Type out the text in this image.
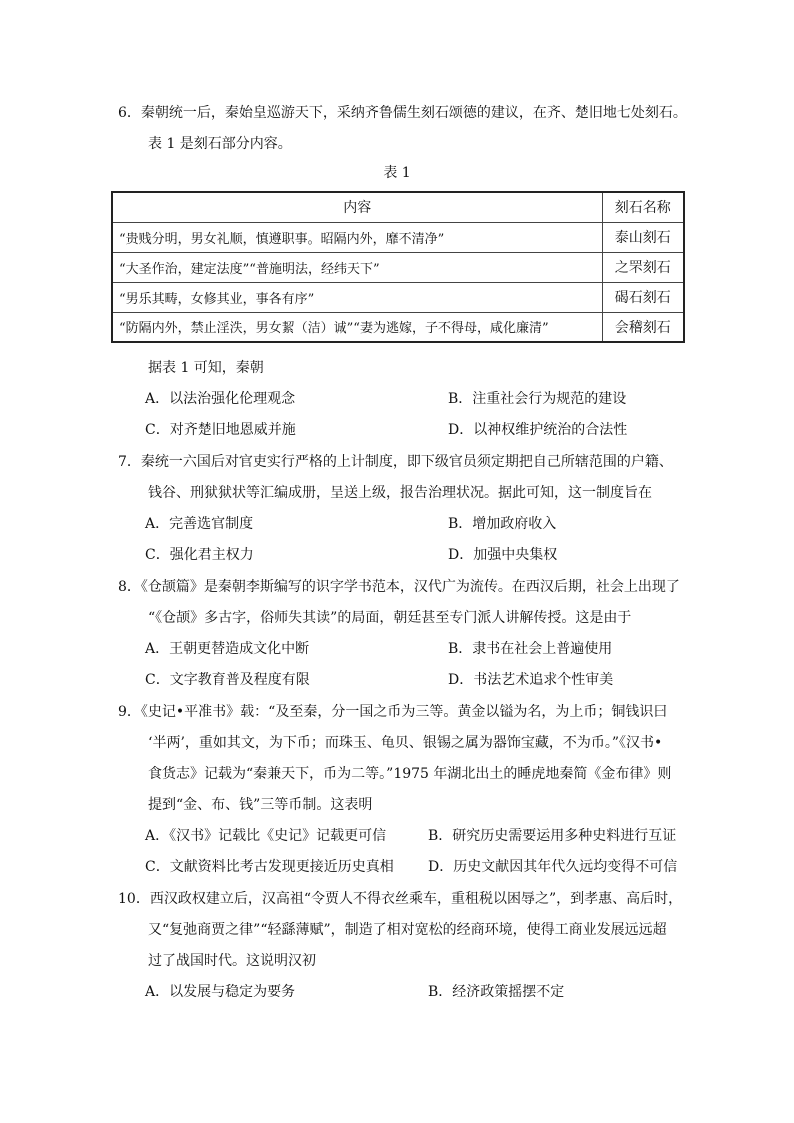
6．秦朝统一后，秦始皇巡游天下，采纳齐鲁儒生刻石颂德的建议，在齐、楚旧地七处刻石。
表 1 是刻石部分内容。
表 1
内容	刻石名称
“贵贱分明，男女礼顺，慎遵职事。昭隔内外，靡不清净”	泰山刻石
“大圣作治，建定法度”“普施明法，经纬天下”	之罘刻石
“男乐其畴，女修其业，事各有序”	碣石刻石
“防隔内外，禁止淫泆，男女絜（洁）诚”“妻为逃嫁，子不得母，咸化廉清”	会稽刻石
据表 1 可知，秦朝
A．以法治强化伦理观念	B．注重社会行为规范的建设
C．对齐楚旧地恩威并施	D．以神权维护统治的合法性
7．秦统一六国后对官吏实行严格的上计制度，即下级官员须定期把自己所辖范围的户籍、
钱谷、刑狱狱状等汇编成册，呈送上级，报告治理状况。据此可知，这一制度旨在
A．完善选官制度	B．增加政府收入
C．强化君主权力	D．加强中央集权
8．《仓颉篇》是秦朝李斯编写的识字学书范本，汉代广为流传。在西汉后期，社会上出现了
“《仓颉》多古字，俗师失其读”的局面，朝廷甚至专门派人讲解传授。这是由于
A．王朝更替造成文化中断	B．隶书在社会上普遍使用
C．文字教育普及程度有限	D．书法艺术追求个性审美
9．《史记•平准书》载：“及至秦，分一国之币为三等。黄金以镒为名，为上币；铜钱识曰
‘半两’，重如其文，为下币；而珠玉、龟贝、银锡之属为器饰宝藏，不为币。”《汉书•
食货志》记载为“秦兼天下，币为二等。”1975 年湖北出土的睡虎地秦简《金布律》则
提到“金、布、钱”三等币制。这表明
A．《汉书》记载比《史记》记载更可信	B．研究历史需要运用多种史料进行互证
C．文献资料比考古发现更接近历史真相 D．历史文献因其年代久远均变得不可信
10．西汉政权建立后，汉高祖“令贾人不得衣丝乘车，重租税以困辱之”，到孝惠、高后时，
又“复弛商贾之律”“轻繇薄赋”，制造了相对宽松的经商环境，使得工商业发展远远超
过了战国时代。这说明汉初
A．以发展与稳定为要务	B．经济政策摇摆不定
